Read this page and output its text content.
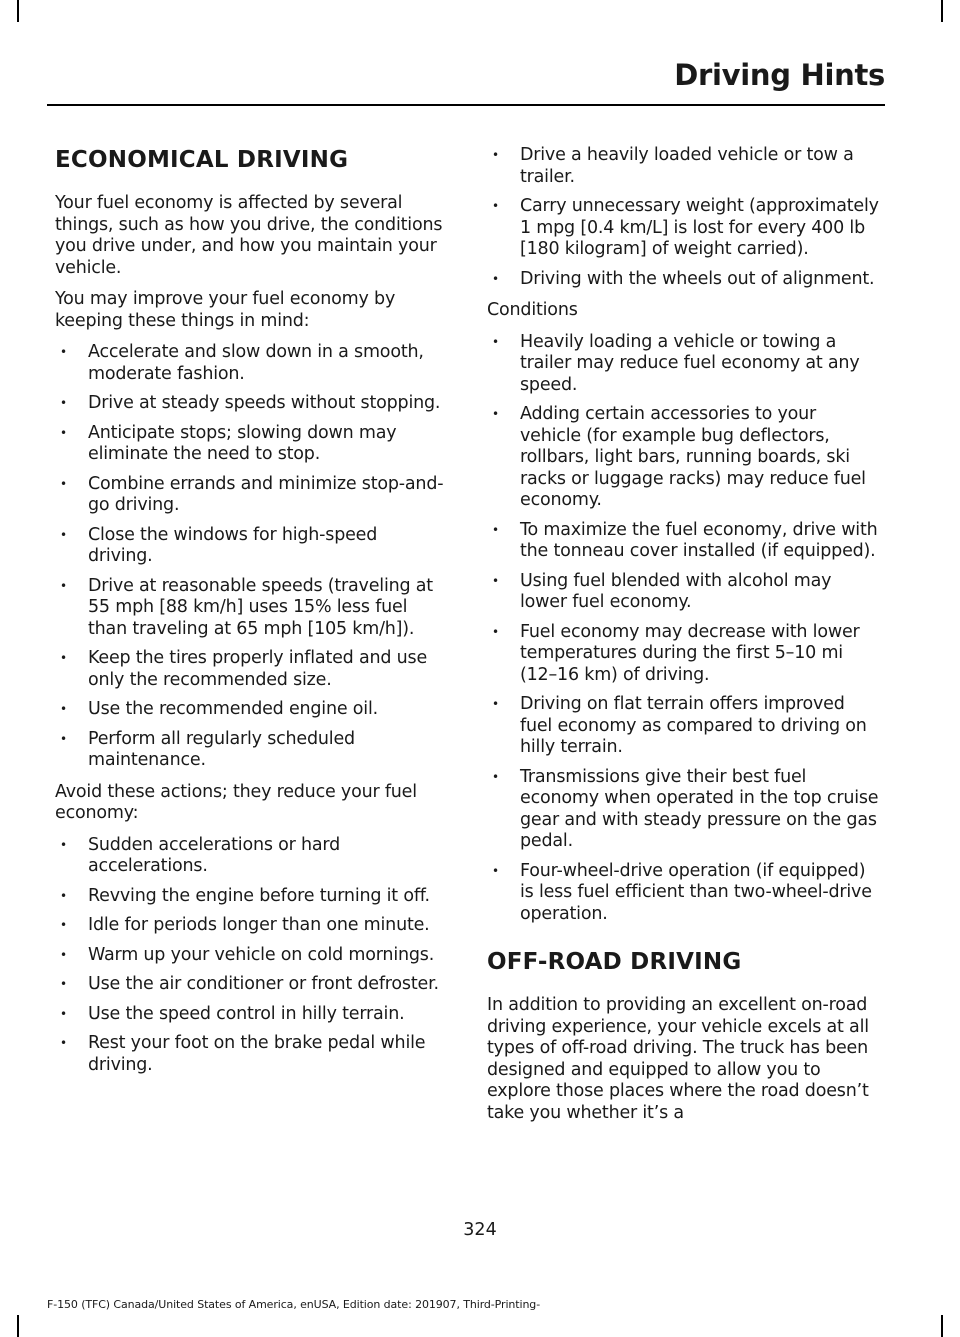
Driving Hints
ECONOMICAL DRIVING

Your fuel economy is affected by several things, such as how you drive, the conditions you drive under, and how you maintain your vehicle.

You may improve your fuel economy by keeping these things in mind:

• Accelerate and slow down in a smooth, moderate fashion.
• Drive at steady speeds without stopping.
• Anticipate stops; slowing down may eliminate the need to stop.
• Combine errands and minimize stop-and-go driving.
• Close the windows for high-speed driving.
• Drive at reasonable speeds (traveling at 55 mph [88 km/h] uses 15% less fuel than traveling at 65 mph [105 km/h]).
• Keep the tires properly inflated and use only the recommended size.
• Use the recommended engine oil.
• Perform all regularly scheduled maintenance.

Avoid these actions; they reduce your fuel economy:

• Sudden accelerations or hard accelerations.
• Revving the engine before turning it off.
• Idle for periods longer than one minute.
• Warm up your vehicle on cold mornings.
• Use the air conditioner or front defroster.
• Use the speed control in hilly terrain.
• Rest your foot on the brake pedal while driving.
• Drive a heavily loaded vehicle or tow a trailer.
• Carry unnecessary weight (approximately 1 mpg [0.4 km/L] is lost for every 400 lb [180 kilogram] of weight carried).
• Driving with the wheels out of alignment.

Conditions

• Heavily loading a vehicle or towing a trailer may reduce fuel economy at any speed.
• Adding certain accessories to your vehicle (for example bug deflectors, rollbars, light bars, running boards, ski racks or luggage racks) may reduce fuel economy.
• To maximize the fuel economy, drive with the tonneau cover installed (if equipped).
• Using fuel blended with alcohol may lower fuel economy.
• Fuel economy may decrease with lower temperatures during the first 5–10 mi (12–16 km) of driving.
• Driving on flat terrain offers improved fuel economy as compared to driving on hilly terrain.
• Transmissions give their best fuel economy when operated in the top cruise gear and with steady pressure on the gas pedal.
• Four-wheel-drive operation (if equipped) is less fuel efficient than two-wheel-drive operation.
OFF-ROAD DRIVING

In addition to providing an excellent on-road driving experience, your vehicle excels at all types of off-road driving. The truck has been designed and equipped to allow you to explore those places where the road doesn’t take you whether it’s a

324
F-150 (TFC) Canada/United States of America, enUSA, Edition date: 201907, Third-Printing-
